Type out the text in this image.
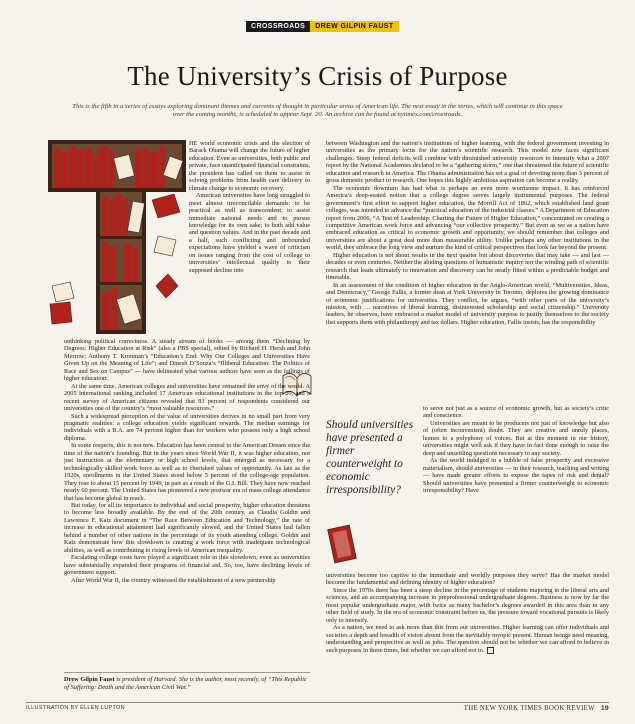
CROSSROADS	DREW GILPIN FAUST
The University’s Crisis of Purpose
This is the fifth in a series of essays exploring dominant themes and currents of thought in particular areas of American life. The next essay in the series, which will continue in this space over the coming months, is scheduled to appear Sept. 20. An archive can be found at nytimes.com/crossroads.

HE world economic crisis and the election of Barack Obama will change the future of higher education. Even as universities, both public and private, face unanticipated financial constraints, the president has called on them to assist in solving problems from health care delivery to climate change to economic recovery.

American universities have long struggled to meet almost irreconcilable demands: to be practical as well as transcendent; to assist immediate national needs and to pursue knowledge for its own sake; to both add value and question values. And in the past decade and a half, such conflicting and unbounded expectations have yielded a wave of criticism on issues ranging from the cost of college to universities’ intellectual quality to their supposed decline into

unthinking political correctness. A steady stream of books — among them “Declining by Degrees: Higher Education at Risk” (also a PBS special), edited by Richard H. Hersh and John Merrow; Anthony T. Kronman’s “Education’s End: Why Our Colleges and Universities Have Given Up on the Meaning of Life”; and Dinesh D’Souza’s “Illiberal Education: The Politics of Race and Sex on Campus” — have delineated what various authors have seen as the failings of higher education.

At the same time, American colleges and universities have remained the envy of the world. A 2005 international ranking included 17 American educational institutions in the top 20, and a recent survey of American citizens revealed that 93 percent of respondents considered our universities one of the country’s “most valuable resources.”

Such a widespread perception of the value of universities derives in no small part from very pragmatic realities: a college education yields significant rewards. The median earnings for individuals with a B.A. are 74 percent higher than for workers who possess only a high school diploma.

In some respects, this is not new. Education has been central to the American Dream since the time of the nation’s founding. But in the years since World War II, it was higher education, not just instruction at the elementary or high school levels, that emerged as necessary for a technologically skilled work force as well as to cherished values of opportunity. As late as the 1920s, enrollments in the United States stood below 5 percent of the college-age population. They rose to about 15 percent by 1949, in part as a result of the G.I. Bill. They have now reached nearly 60 percent. The United States has pioneered a new postwar era of mass college attendance that has become global in reach.

But today, for all its importance to individual and social prosperity, higher education threatens to become less broadly available. By the end of the 20th century, as Claudia Goldin and Lawrence F. Katz document in “The Race Between Education and Technology,” the rate of increase in educational attainment had significantly slowed, and the United States had fallen behind a number of other nations in the percentage of its youth attending college. Goldin and Katz demonstrate how this slowdown is creating a work force with inadequate technological abilities, as well as contributing to rising levels of American inequality.

Escalating college costs have played a significant role in this slowdown, even as universities have substantially expanded their programs of financial aid. So, too, have declining levels of government support.

After World War II, the country witnessed the establishment of a new partnership

Drew Gilpin Faust is president of Harvard. She is the author, most recently, of “This Republic of Suffering: Death and the American Civil War.”

between Washington and the nation’s institutions of higher learning, with the federal government investing in universities as the primary locus for the nation’s scientific research. This model now faces significant challenges. Steep federal deficits will combine with diminished university resources to intensify what a 2007 report by the National Academies declared to be a “gathering storm,” one that threatened the future of scientific education and research in America. The Obama administration has set a goal of devoting more than 3 percent of gross domestic product to research. One hopes this highly ambitious aspiration can become a reality.

The economic downturn has had what is perhaps an even more worrisome impact. It has reinforced America’s deep-seated notion that a college degree serves largely instrumental purposes. The federal government’s first effort to support higher education, the Morrill Act of 1862, which established land grant colleges, was intended to advance the “practical education of the industrial classes.” A Department of Education report from 2006, “A Test of Leadership: Charting the Future of Higher Education,” concentrated on creating a competitive American work force and advancing “our collective prosperity.” But even as we as a nation have embraced education as critical to economic growth and opportunity, we should remember that colleges and universities are about a great deal more than measurable utility. Unlike perhaps any other institutions in the world, they embrace the long view and nurture the kind of critical perspectives that look far beyond the present.

Higher education is not about results in the next quarter but about discoveries that may take — and last — decades or even centuries. Neither the abiding questions of humanistic inquiry nor the winding path of scientific research that leads ultimately to innovation and discovery can be neatly fitted within a predictable budget and timetable.

In an assessment of the condition of higher education in the Anglo-American world, “Multiversities, Ideas, and Democracy,” George Fallis, a former dean at York University in Toronto, deplores the growing dominance of economic justifications for universities. They conflict, he argues, “with other parts of the university’s mission, with … narratives of liberal learning, disinterested scholarship and social citizenship.” University leaders, he observes, have embraced a market model of university purpose to justify themselves to the society that supports them with philanthropy and tax dollars. Higher education, Fallis insists, has the responsibility

Should universities have presented a firmer counterweight to economic irresponsibility?

to serve not just as a source of economic growth, but as society’s critic and conscience.

Universities are meant to be producers not just of knowledge but also of (often inconvenient) doubt. They are creative and unruly places, homes to a polyphony of voices. But at this moment in our history, universities might well ask if they have in fact done enough to raise the deep and unsettling questions necessary to any society.

As the world indulged in a bubble of false prosperity and excessive materialism, should universities — in their research, teaching and writing — have made greater efforts to expose the tapes of risk and denial? Should universities have presented a firmer counterweight to economic irresponsibility? Have

universities become too captive to the immediate and worldly purposes they serve? Has the market model become the fundamental and defining identity of higher education?

Since the 1970s there has been a steep decline in the percentage of students majoring in the liberal arts and sciences, and an accompanying increase in preprofessional undergraduate degrees. Business is now by far the most popular undergraduate major, with twice as many bachelor’s degrees awarded in this area than in any other field of study. In the era of economic constraint before us, the pressure toward vocational pursuits is likely only to intensify.

As a nation, we need to ask more than this from our universities. Higher learning can offer individuals and societies a depth and breadth of vision absent from the inevitably myopic present. Human beings need meaning, understanding and perspective as well as jobs. The question should not be whether we can afford to believe in such purposes in these times, but whether we can afford not to.

ILLUSTRATION BY ELLEN LUPTON	THE NEW YORK TIMES BOOK REVIEW 19
